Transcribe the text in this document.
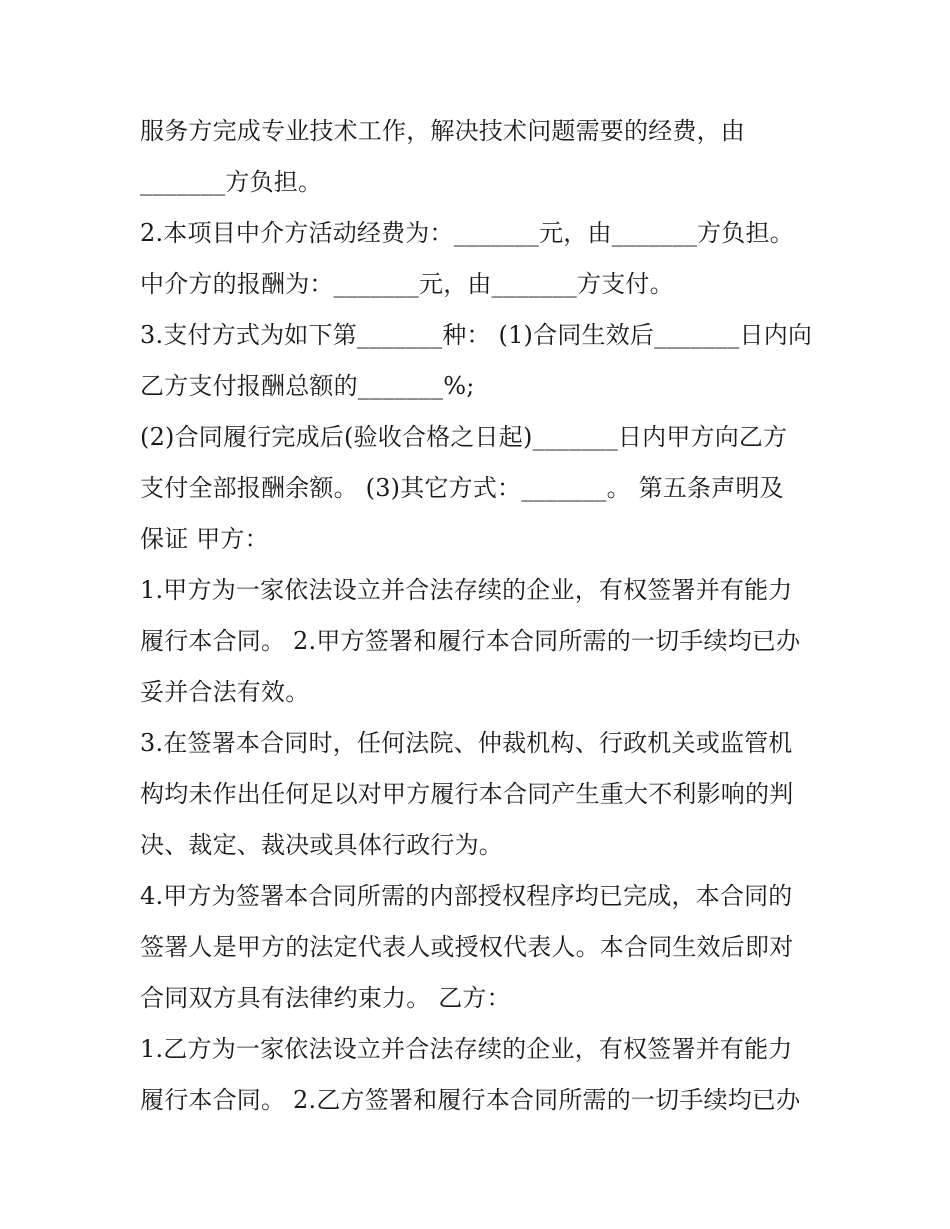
服务方完成专业技术工作，解决技术问题需要的经费，由
_______方负担。
2.本项目中介方活动经费为：_______元，由_______方负担。
中介方的报酬为：_______元，由_______方支付。
3.支付方式为如下第_______种： (1)合同生效后_______日内向
乙方支付报酬总额的_______%;
(2)合同履行完成后(验收合格之日起)_______日内甲方向乙方
支付全部报酬余额。 (3)其它方式：_______。 第五条声明及
保证 甲方：
1.甲方为一家依法设立并合法存续的企业，有权签署并有能力
履行本合同。 2.甲方签署和履行本合同所需的一切手续均已办
妥并合法有效。
3.在签署本合同时，任何法院、仲裁机构、行政机关或监管机
构均未作出任何足以对甲方履行本合同产生重大不利影响的判
决、裁定、裁决或具体行政行为。
4.甲方为签署本合同所需的内部授权程序均已完成，本合同的
签署人是甲方的法定代表人或授权代表人。本合同生效后即对
合同双方具有法律约束力。 乙方：
1.乙方为一家依法设立并合法存续的企业，有权签署并有能力
履行本合同。 2.乙方签署和履行本合同所需的一切手续均已办
